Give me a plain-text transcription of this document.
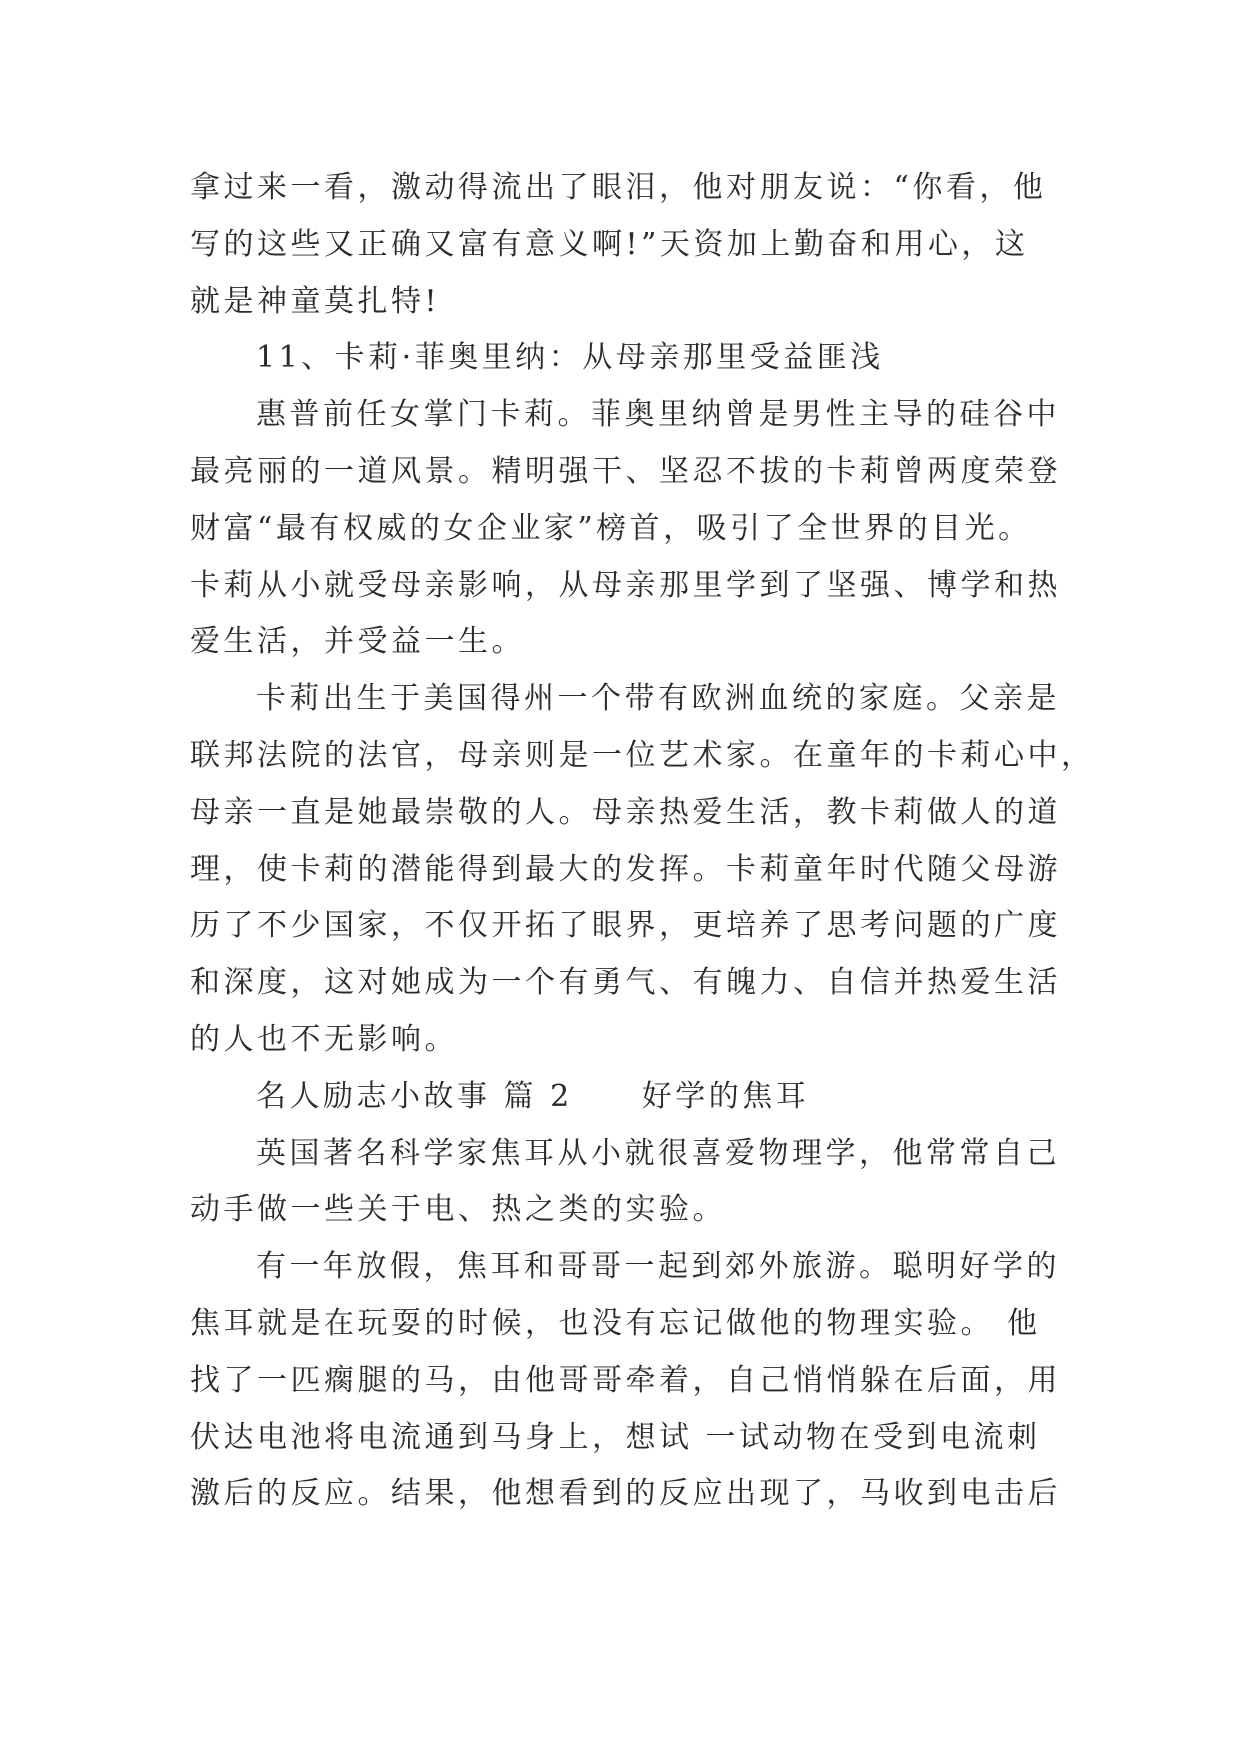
拿过来一看，激动得流出了眼泪，他对朋友说：“你看，他
写的这些又正确又富有意义啊!”天资加上勤奋和用心，这
就是神童莫扎特!
11、卡莉·菲奥里纳：从母亲那里受益匪浅
惠普前任女掌门卡莉。菲奥里纳曾是男性主导的硅谷中
最亮丽的一道风景。精明强干、坚忍不拔的卡莉曾两度荣登
财富“最有权威的女企业家”榜首，吸引了全世界的目光。
卡莉从小就受母亲影响，从母亲那里学到了坚强、博学和热
爱生活，并受益一生。
卡莉出生于美国得州一个带有欧洲血统的家庭。父亲是
联邦法院的法官，母亲则是一位艺术家。在童年的卡莉心中，
母亲一直是她最崇敬的人。母亲热爱生活，教卡莉做人的道
理，使卡莉的潜能得到最大的发挥。卡莉童年时代随父母游
历了不少国家，不仅开拓了眼界，更培养了思考问题的广度
和深度，这对她成为一个有勇气、有魄力、自信并热爱生活
的人也不无影响。
名人励志小故事 篇 2 好学的焦耳
英国著名科学家焦耳从小就很喜爱物理学，他常常自己
动手做一些关于电、热之类的实验。
有一年放假，焦耳和哥哥一起到郊外旅游。聪明好学的
焦耳就是在玩耍的时候，也没有忘记做他的物理实验。 他
找了一匹瘸腿的马，由他哥哥牵着，自己悄悄躲在后面，用
伏达电池将电流通到马身上，想试 一试动物在受到电流刺
激后的反应。结果，他想看到的反应出现了，马收到电击后
